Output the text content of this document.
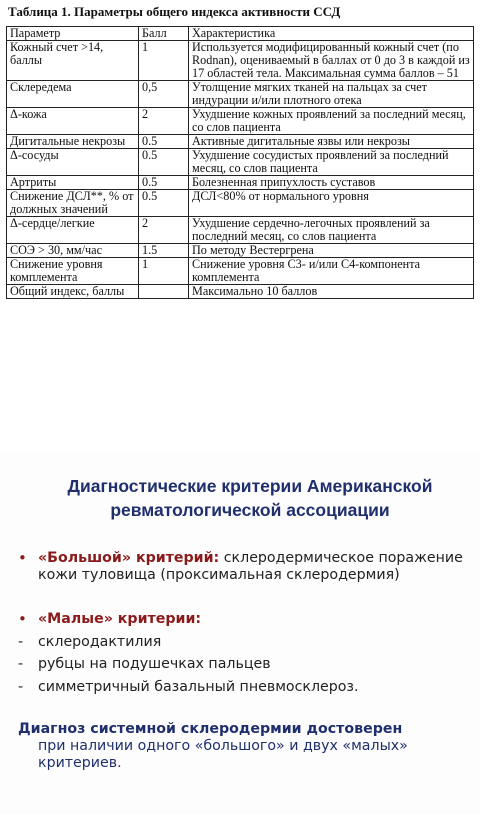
Таблица 1. Параметры общего индекса активности ССД
Параметр	Балл	Характеристика
Кожный счет >14, баллы	1	Используется модифицированный кожный счет (по Rodnan), оцениваемый в баллах от 0 до 3 в каждой из 17 областей тела. Максимальная сумма баллов – 51
Склередема	0,5	Утолщение мягких тканей на пальцах за счет индурации и/или плотного отека
Δ-кожа	2	Ухудшение кожных проявлений за последний месяц, со слов пациента
Дигитальные некрозы	0.5	Активные дигитальные язвы или некрозы
Δ-сосуды	0.5	Ухудшение сосудистых проявлений за последний месяц, со слов пациента
Артриты	0.5	Болезненная припухлость суставов
Снижение ДСЛ**, % от должных значений	0.5	ДСЛ<80% от нормального уровня
Δ-сердце/легкие	2	Ухудшение сердечно-легочных проявлений за последний месяц, со слов пациента
СОЭ > 30, мм/час	1.5	По методу Вестергрена
Снижение уровня комплемента	1	Снижение уровня С3- и/или С4-компонента комплемента
Общий индекс, баллы		Максимально 10 баллов
Диагностические критерии Американской ревматологической ассоциации
• «Большой» критерий: склеродермическое поражение кожи туловища (проксимальная склеродермия)
• «Малые» критерии:
- склеродактилия
- рубцы на подушечках пальцев
- симметричный базальный пневмосклероз.
Диагноз системной склеродермии достоверен
при наличии одного «большого» и двух «малых» критериев.
